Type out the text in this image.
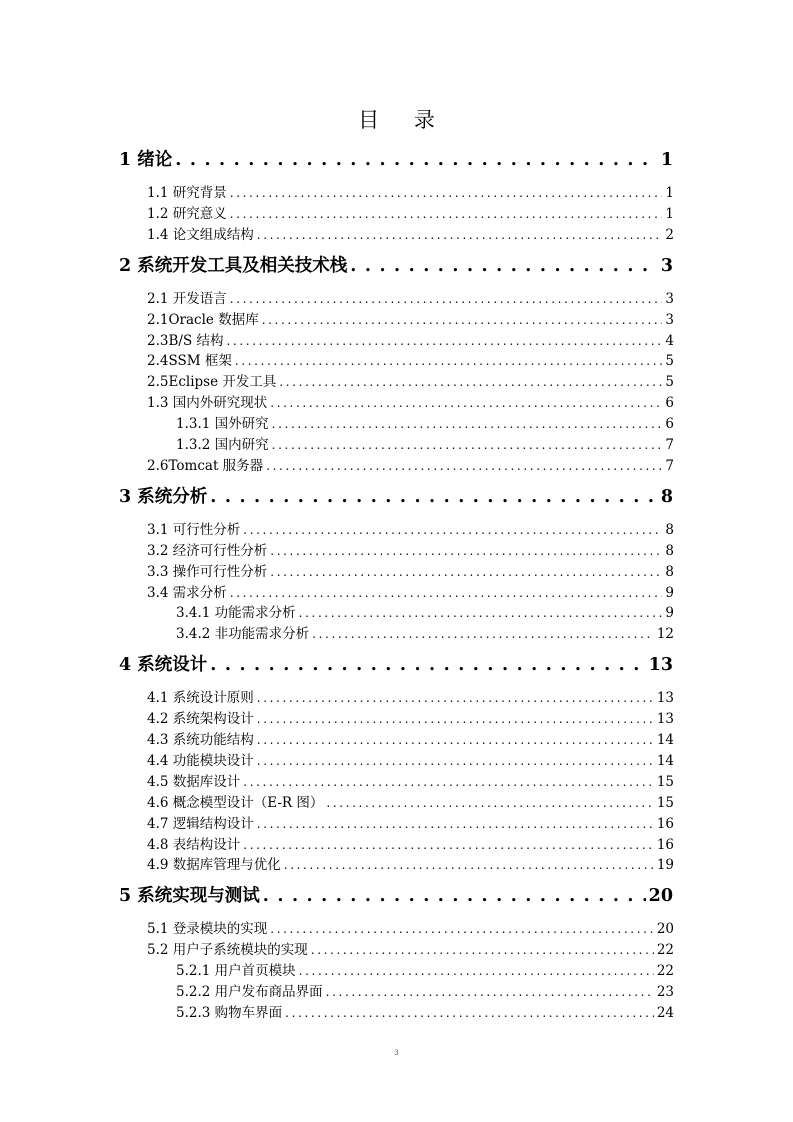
目 录
1 绪论 . . .	1
1.1 研究背景 . . .	1
1.2 研究意义 . . .	1
1.4 论文组成结构 . . .	2
2 系统开发工具及相关技术栈 . . .	3
2.1 开发语言 . . .	3
2.1Oracle 数据库 . . .	3
2.3B/S 结构 . . .	4
2.4SSM 框架 . . .	5
2.5Eclipse 开发工具 . . .	5
1.3 国内外研究现状 . . .	6
1.3.1 国外研究 . . .	6
1.3.2 国内研究 . . .	7
2.6Tomcat 服务器 . . .	7
3 系统分析 . . .	8
3.1 可行性分析 . . .	8
3.2 经济可行性分析 . . .	8
3.3 操作可行性分析 . . .	8
3.4 需求分析 . . .	9
3.4.1 功能需求分析 . . .	9
3.4.2 非功能需求分析 . . .	12
4 系统设计 . . .	13
4.1 系统设计原则 . . .	13
4.2 系统架构设计 . . .	13
4.3 系统功能结构 . . .	14
4.4 功能模块设计 . . .	14
4.5 数据库设计 . . .	15
4.6 概念模型设计（E-R 图） . . .	15
4.7 逻辑结构设计 . . .	16
4.8 表结构设计 . . .	16
4.9 数据库管理与优化 . . .	19
5 系统实现与测试 . . .	20
5.1 登录模块的实现 . . .	20
5.2 用户子系统模块的实现 . . .	22
5.2.1 用户首页模块 . . .	22
5.2.2 用户发布商品界面 . . .	23
5.2.3 购物车界面 . . .	24
3
